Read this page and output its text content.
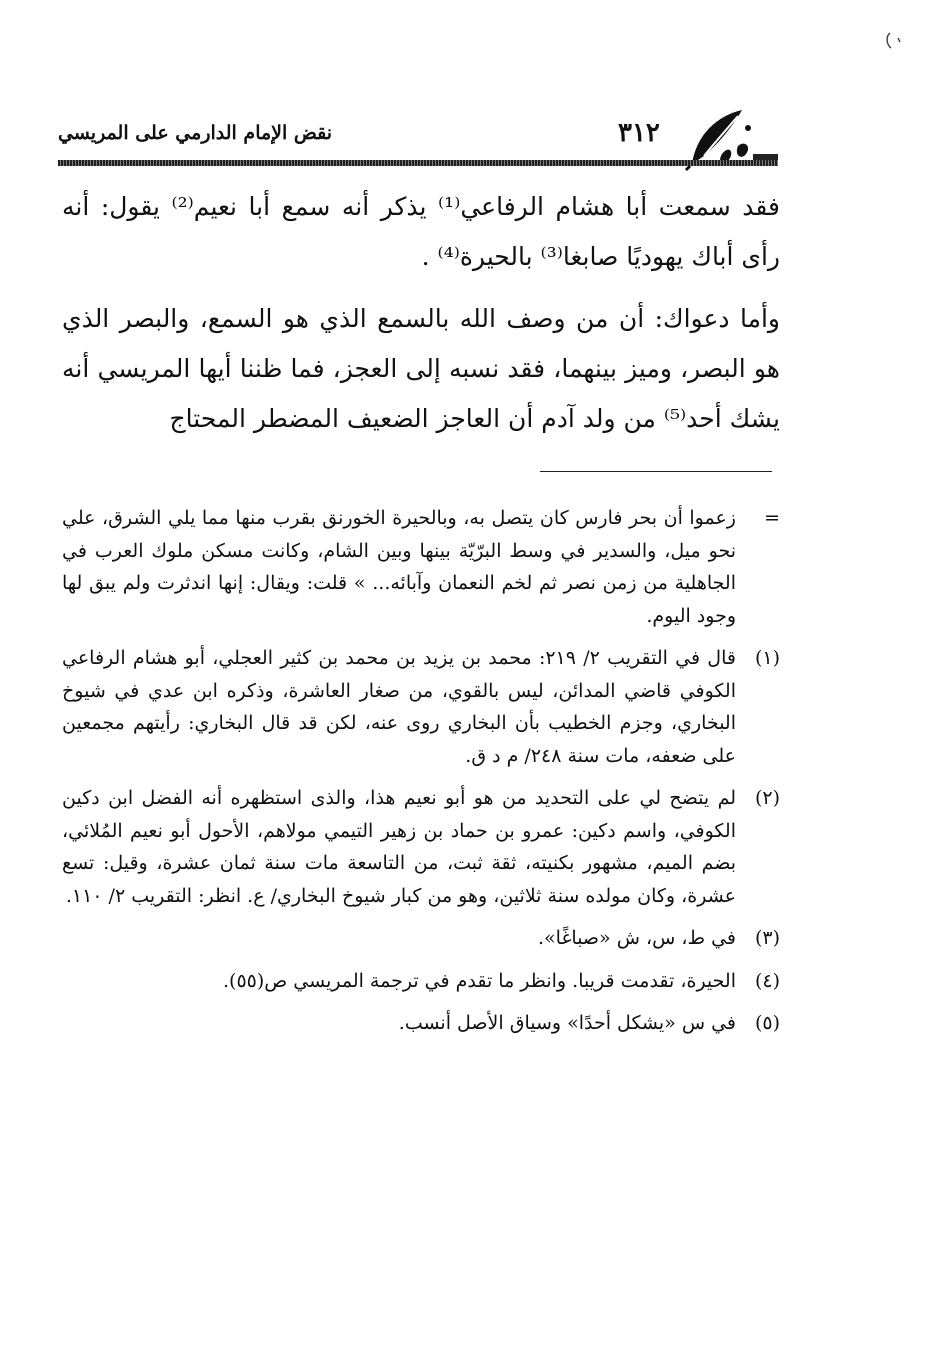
نقض الإمام الدارمي على المريسي	٣١٢

فقد سمعت أبا هشام الرفاعي⁽¹⁾ يذكر أنه سمع أبا نعيم⁽²⁾ يقول: أنه رأى أباك يهوديًا صابغا⁽³⁾ بالحيرة⁽⁴⁾ .

وأما دعواك: أن من وصف الله بالسمع الذي هو السمع، والبصر الذي هو البصر، وميز بينهما، فقد نسبه إلى العجز، فما ظننا أيها المريسي أنه يشك أحد⁽⁵⁾ من ولد آدم أن العاجز الضعيف المضطر المحتاج

=
زعموا أن بحر فارس كان يتصل به، وبالحيرة الخورنق بقرب منها مما يلي الشرق، علي نحو ميل، والسدير في وسط البرّيّة بينها وبين الشام، وكانت مسكن ملوك العرب في الجاهلية من زمن نصر ثم لخم النعمان وآبائه... » قلت: ويقال: إنها اندثرت ولم يبق لها وجود اليوم.
(١)
قال في التقريب ٢/ ٢١٩: محمد بن يزيد بن محمد بن كثير العجلي، أبو هشام الرفاعي الكوفي قاضي المدائن، ليس بالقوي، من صغار العاشرة، وذكره ابن عدي في شيوخ البخاري، وجزم الخطيب بأن البخاري روى عنه، لكن قد قال البخاري: رأيتهم مجمعين على ضعفه، مات سنة ٢٤٨/ م د ق.
(٢)
لم يتضح لي على التحديد من هو أبو نعيم هذا، والذى استظهره أنه الفضل ابن دكين الكوفي، واسم دكين: عمرو بن حماد بن زهير التيمي مولاهم، الأحول أبو نعيم المُلائي، بضم الميم، مشهور بكنيته، ثقة ثبت، من التاسعة مات سنة ثمان عشرة، وقيل: تسع عشرة، وكان مولده سنة ثلاثين، وهو من كبار شيوخ البخاري/ ع. انظر: التقريب ٢/ ١١٠.
(٣)
في ط، س، ش «صباغًا».
(٤)
الحيرة، تقدمت قريبا. وانظر ما تقدم في ترجمة المريسي ص(٥٥).
(٥)
في س «يشكل أحدًا» وسياق الأصل أنسب.
